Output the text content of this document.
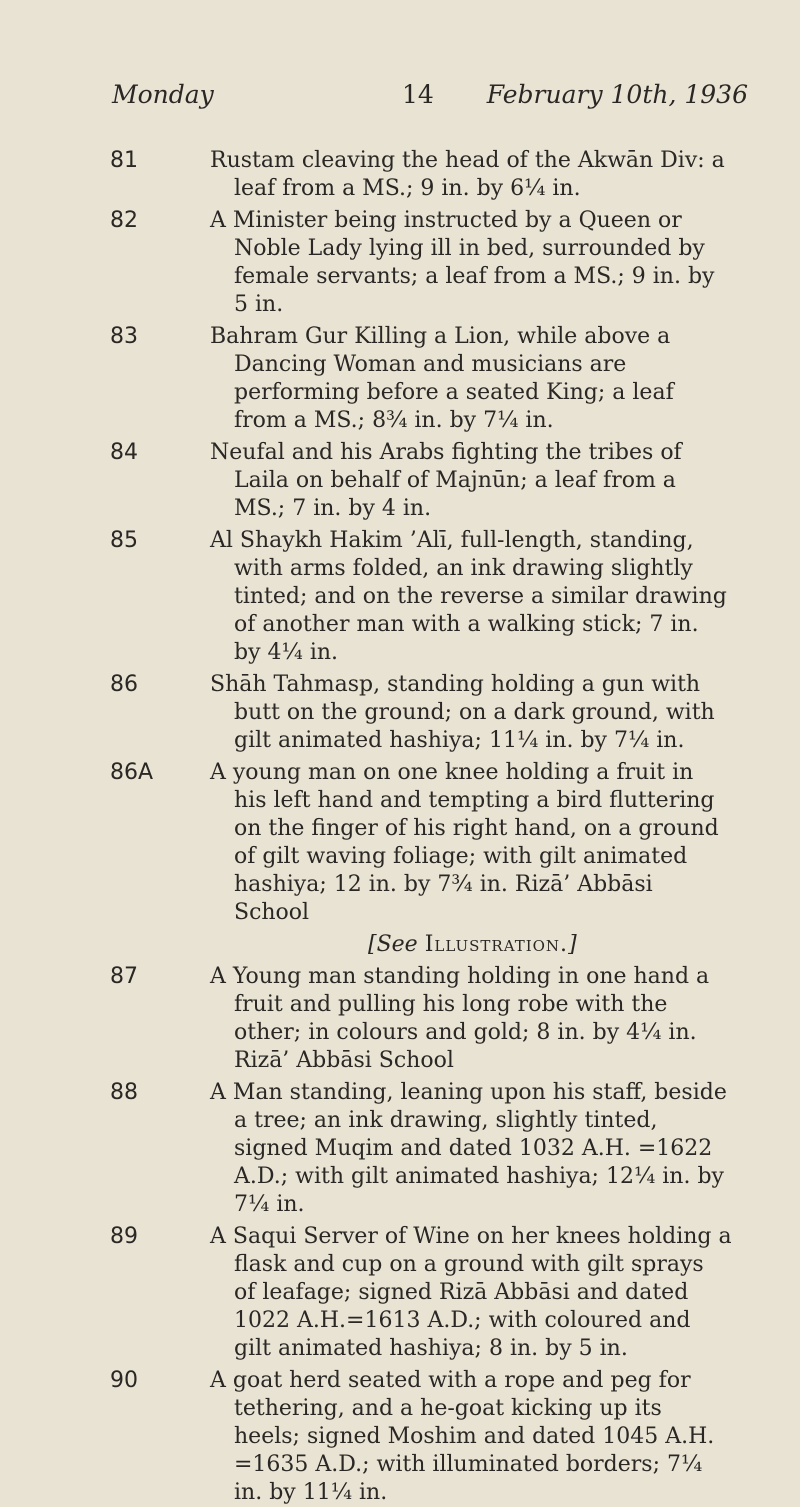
Monday	14 February 10th, 1936
81	Rustam cleaving the head of the Akwān Div: a leaf from a MS.; 9 in. by 6¼ in.
82	A Minister being instructed by a Queen or Noble Lady lying ill in bed, surrounded by female servants; a leaf from a MS.; 9 in. by 5 in.
83	Bahram Gur Killing a Lion, while above a Dancing Woman and musicians are performing before a seated King; a leaf from a MS.; 8¾ in. by 7¼ in.
84	Neufal and his Arabs fighting the tribes of Laila on behalf of Majnūn; a leaf from a MS.; 7 in. by 4 in.
85	Al Shaykh Hakim ’Alī, full-length, standing, with arms folded, an ink drawing slightly tinted; and on the reverse a similar drawing of another man with a walking stick; 7 in. by 4¼ in.
86	Shāh Tahmasp, standing holding a gun with butt on the ground; on a dark ground, with gilt animated hashiya; 11¼ in. by 7¼ in.
86A	A young man on one knee holding a fruit in his left hand and tempting a bird fluttering on the finger of his right hand, on a ground of gilt waving foliage; with gilt animated hashiya; 12 in. by 7¾ in. Rizā’ Abbāsi School
[See Illustration.]
87	A Young man standing holding in one hand a fruit and pulling his long robe with the other; in colours and gold; 8 in. by 4¼ in. Rizā’ Abbāsi School
88	A Man standing, leaning upon his staff, beside a tree; an ink drawing, slightly tinted, signed Muqim and dated 1032 A.H. =1622 A.D.; with gilt animated hashiya; 12¼ in. by 7¼ in.
89	A Saqui Server of Wine on her knees holding a flask and cup on a ground with gilt sprays of leafage; signed Rizā Abbāsi and dated 1022 A.H.=1613 A.D.; with coloured and gilt animated hashiya; 8 in. by 5 in.
90	A goat herd seated with a rope and peg for tethering, and a he-goat kicking up its heels; signed Moshim and dated 1045 A.H. =1635 A.D.; with illuminated borders; 7¼ in. by 11¼ in.
